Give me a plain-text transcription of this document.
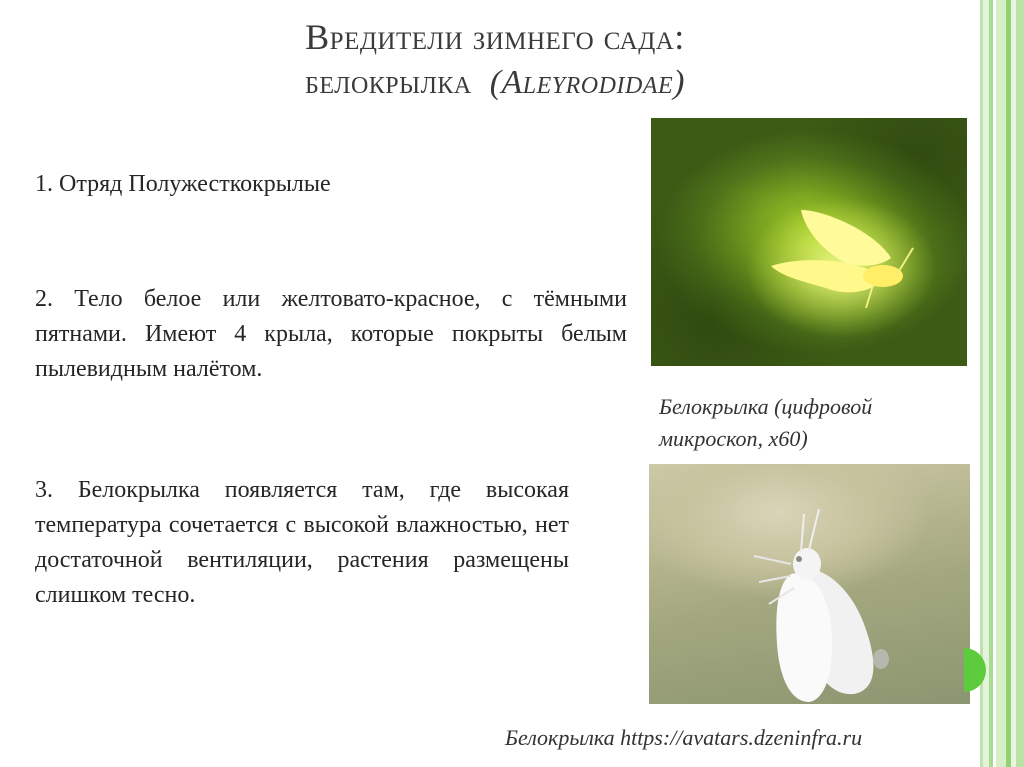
Вредители зимнего сада:
белокрылка (Aleyrodidae)
1. Отряд Полужесткокрылые
2. Тело белое или желтовато-красное, с тёмными пятнами. Имеют 4 крыла, которые покрыты белым пылевидным налётом.
3. Белокрылка появляется там, где высокая температура сочетается с высокой влажностью, нет достаточной вентиляции, растения размещены слишком тесно.
Белокрылка (цифровой микроскоп, х60)
Белокрылка https://avatars.dzeninfra.ru
